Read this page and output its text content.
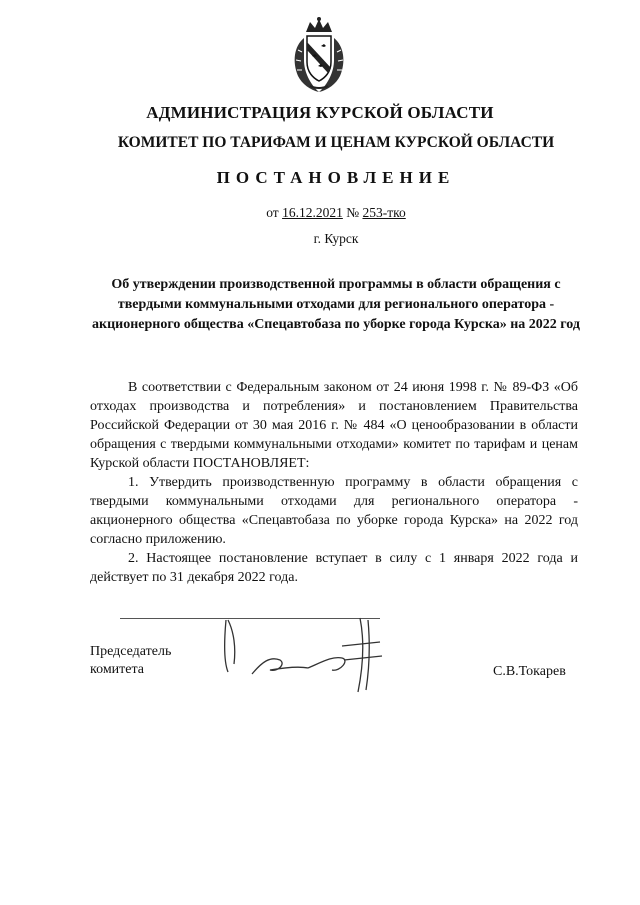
АДМИНИСТРАЦИЯ КУРСКОЙ ОБЛАСТИ
КОМИТЕТ ПО ТАРИФАМ И ЦЕНАМ КУРСКОЙ ОБЛАСТИ
ПОСТАНОВЛЕНИЕ
от 16.12.2021 № 253-тко
г. Курск
Об утверждении производственной программы в области обращения с твердыми коммунальными отходами для регионального оператора - акционерного общества «Спецавтобаза по уборке города Курска» на 2022 год

В соответствии с Федеральным законом от 24 июня 1998 г. № 89-ФЗ «Об отходах производства и потребления» и постановлением Правительства Российской Федерации от 30 мая 2016 г. № 484 «О ценообразовании в области обращения с твердыми коммунальными отходами» комитет по тарифам и ценам Курской области ПОСТАНОВЛЯЕТ:

1. Утвердить производственную программу в области обращения с твердыми коммунальными отходами для регионального оператора - акционерного общества «Спецавтобаза по уборке города Курска» на 2022 год согласно приложению.

2. Настоящее постановление вступает в силу с 1 января 2022 года и действует по 31 декабря 2022 года.

Председатель
комитета	С.В.Токарев
